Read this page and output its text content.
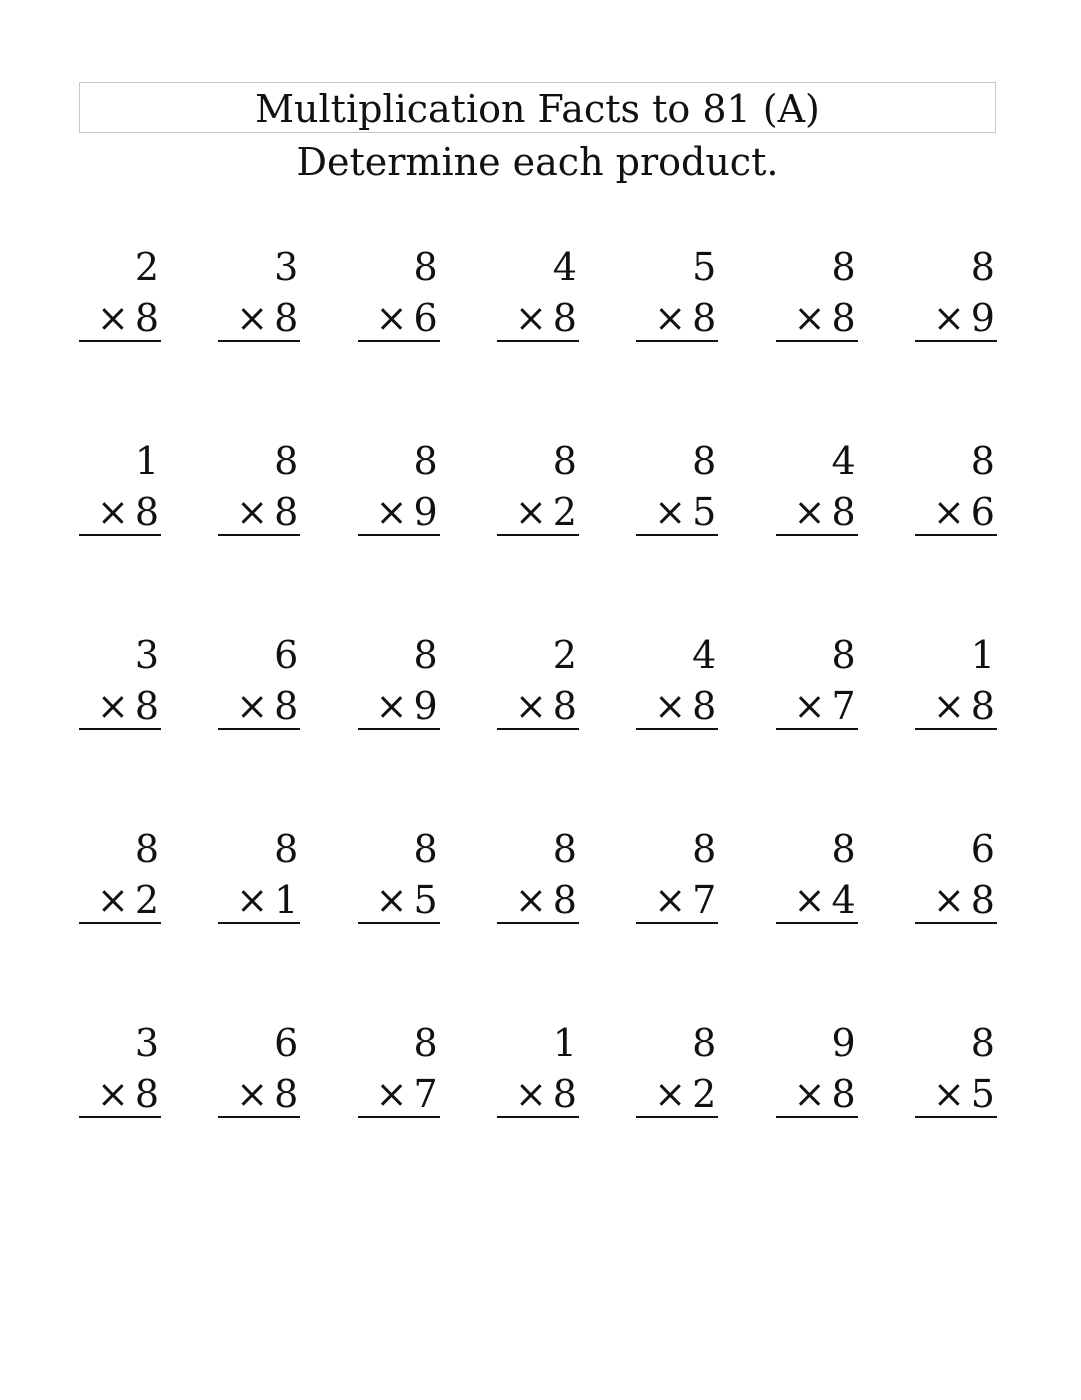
Multiplication Facts to 81 (A)
Determine each product.
2
× 8
3
× 8
8
× 6
4
× 8
5
× 8
8
× 8
8
× 9
1
× 8
8
× 8
8
× 9
8
× 2
8
× 5
4
× 8
8
× 6
3
× 8
6
× 8
8
× 9
2
× 8
4
× 8
8
× 7
1
× 8
8
× 2
8
× 1
8
× 5
8
× 8
8
× 7
8
× 4
6
× 8
3
× 8
6
× 8
8
× 7
1
× 8
8
× 2
9
× 8
8
× 5
